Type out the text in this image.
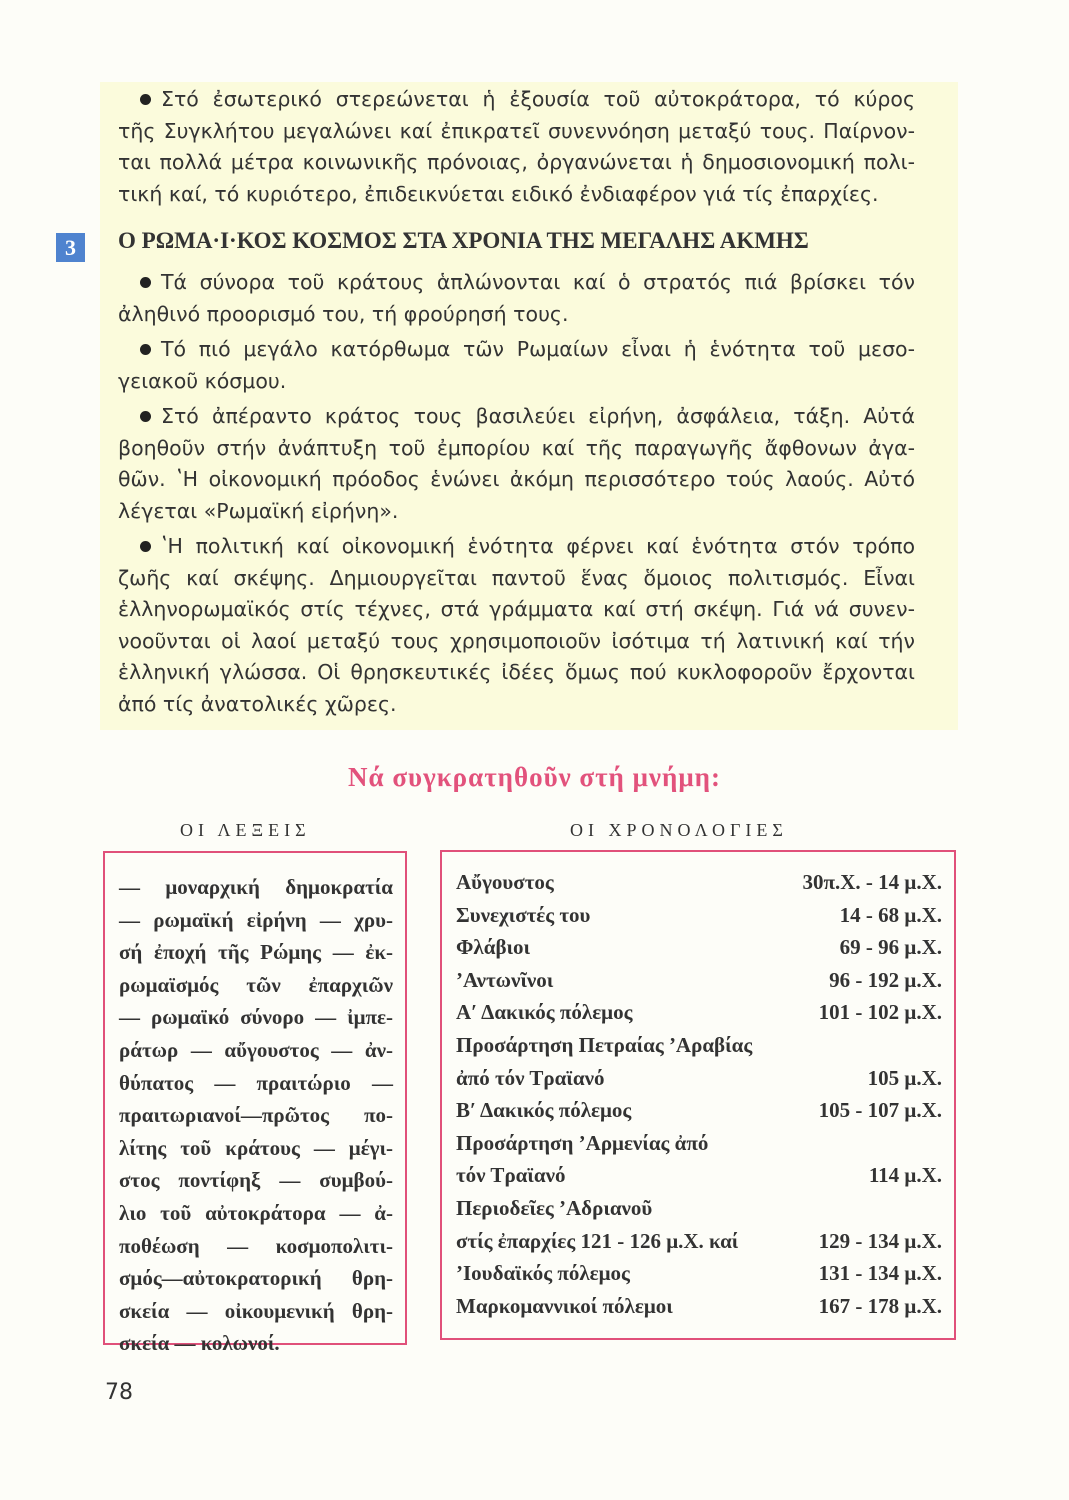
Στό ἐσωτερικό στερεώνεται ἡ ἐξουσία τοῦ αὐτοκράτορα, τό κύρος
τῆς Συγκλήτου μεγαλώνει καί ἐπικρατεῖ συνεννόηση μεταξύ τους. Παίρνον-
ται πολλά μέτρα κοινωνικῆς πρόνοιας, ὀργανώνεται ἡ δημοσιονομική πολι-
τική καί, τό κυριότερο, ἐπιδεικνύεται ειδικό ἐνδιαφέρον γιά τίς ἐπαρχίες.
3	Ο ΡΩΜΑ·Ι·ΚΟΣ ΚΟΣΜΟΣ ΣΤΑ ΧΡΟΝΙΑ ΤΗΣ ΜΕΓΑΛΗΣ ΑΚΜΗΣ
Τά σύνορα τοῦ κράτους ἁπλώνονται καί ὁ στρατός πιά βρίσκει τόν
ἀληθινό προορισμό του, τή φρούρησή τους.
Τό πιό μεγάλο κατόρθωμα τῶν Ρωμαίων εἶναι ἡ ἑνότητα τοῦ μεσο-
γειακοῦ κόσμου.
Στό ἀπέραντο κράτος τους βασιλεύει εἰρήνη, ἀσφάλεια, τάξη. Αὐτά
βοηθοῦν στήν ἀνάπτυξη τοῦ ἐμπορίου καί τῆς παραγωγῆς ἄφθονων ἀγα-
θῶν. ʽΗ οἰκονομική πρόοδος ἑνώνει ἀκόμη περισσότερο τούς λαούς. Αὐτό
λέγεται «Ρωμαϊκή εἰρήνη».
ʽΗ πολιτική καί οἰκονομική ἑνότητα φέρνει καί ἑνότητα στόν τρόπο
ζωῆς καί σκέψης. Δημιουργεῖται παντοῦ ἕνας ὅμοιος πολιτισμός. Εἶναι
ἑλληνορωμαϊκός στίς τέχνες, στά γράμματα καί στή σκέψη. Γιά νά συνεν-
νοοῦνται οἱ λαοί μεταξύ τους χρησιμοποιοῦν ἰσότιμα τή λατινική καί τήν
ἑλληνική γλώσσα. Οἱ θρησκευτικές ἰδέες ὅμως πού κυκλοφοροῦν ἔρχονται
ἀπό τίς ἀνατολικές χῶρες.
Νά συγκρατηθοῦν στή μνήμη:
ΟΙ ΛΕΞΕΙΣ	ΟΙ ΧΡΟΝΟΛΟΓΙΕΣ
— μοναρχική δημοκρατία
— ρωμαϊκή εἰρήνη — χρυ-
σή ἐποχή τῆς Ρώμης — ἐκ-
ρωμαϊσμός τῶν ἐπαρχιῶν
— ρωμαϊκό σύνορο — ἰμπε-
ράτωρ — αὔγουστος — ἀν-
θύπατος — πραιτώριο —
πραιτωριανοί—πρῶτος πο-
λίτης τοῦ κράτους — μέγι-
στος ποντίφηξ — συμβού-
λιο τοῦ αὐτοκράτορα — ἀ-
ποθέωση — κοσμοπολιτι-
σμός—αὐτοκρατορική θρη-
σκεία — οἰκουμενική θρη-
σκεία — κολωνοί.
Αὔγουστος	30π.Χ. - 14 μ.Χ.
Συνεχιστές του	14 - 68 μ.Χ.
Φλάβιοι	69 - 96 μ.Χ.
ʼΑντωνῖνοι	96 - 192 μ.Χ.
Αʹ Δακικός πόλεμος	101 - 102 μ.Χ.
Προσάρτηση Πετραίας ʼΑραβίας
ἀπό τόν Τραϊανό	105 μ.Χ.
Βʹ Δακικός πόλεμος	105 - 107 μ.Χ.
Προσάρτηση ʼΑρμενίας ἀπό
τόν Τραϊανό	114 μ.Χ.
Περιοδεῖες ʼΑδριανοῦ
στίς ἐπαρχίες 121 - 126 μ.Χ. καί	129 - 134 μ.Χ.
ʼΙουδαϊκός πόλεμος	131 - 134 μ.Χ.
Μαρκομαννικοί πόλεμοι	167 - 178 μ.Χ.
78
